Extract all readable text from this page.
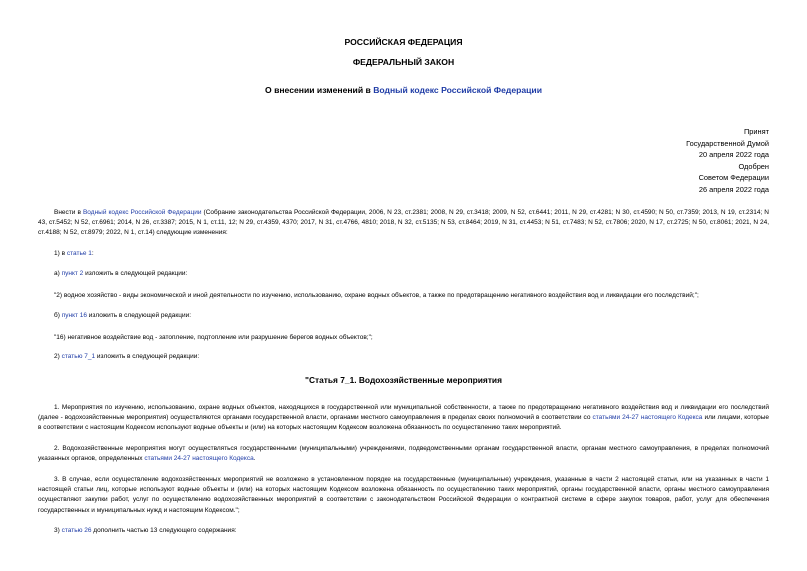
РОССИЙСКАЯ ФЕДЕРАЦИЯ
ФЕДЕРАЛЬНЫЙ ЗАКОН
О внесении изменений в Водный кодекс Российской Федерации
Принят
Государственной Думой
20 апреля 2022 года
Одобрен
Советом Федерации
26 апреля 2022 года
Внести в Водный кодекс Российской Федерации (Собрание законодательства Российской Федерации, 2006, N 23, ст.2381; 2008, N 29, ст.3418; 2009, N 52, ст.6441; 2011, N 29, ст.4281; N 30, ст.4590; N 50, ст.7359; 2013, N 19, ст.2314; N 43, ст.5452; N 52, ст.6961; 2014, N 26, ст.3387; 2015, N 1, ст.11, 12; N 29, ст.4359, 4370; 2017, N 31, ст.4766, 4810; 2018, N 32, ст.5135; N 53, ст.8464; 2019, N 31, ст.4453; N 51, ст.7483; N 52, ст.7806; 2020, N 17, ст.2725; N 50, ст.8061; 2021, N 24, ст.4188; N 52, ст.8979; 2022, N 1, ст.14) следующие изменения:
1) в статье 1:
а) пункт 2 изложить в следующей редакции:
"2) водное хозяйство - виды экономической и иной деятельности по изучению, использованию, охране водных объектов, а также по предотвращению негативного воздействия вод и ликвидации его последствий;";
б) пункт 16 изложить в следующей редакции:
"16) негативное воздействие вод - затопление, подтопление или разрушение берегов водных объектов;";
2) статью 7_1 изложить в следующей редакции:
"Статья 7_1. Водохозяйственные мероприятия
1. Мероприятия по изучению, использованию, охране водных объектов, находящихся в государственной или муниципальной собственности, а также по предотвращению негативного воздействия вод и ликвидации его последствий (далее - водохозяйственные мероприятия) осуществляются органами государственной власти, органами местного самоуправления в пределах своих полномочий в соответствии со статьями 24-27 настоящего Кодекса или лицами, которые в соответствии с настоящим Кодексом используют водные объекты и (или) на которых настоящим Кодексом возложена обязанность по осуществлению таких мероприятий.
2. Водохозяйственные мероприятия могут осуществляться государственными (муниципальными) учреждениями, подведомственными органам государственной власти, органам местного самоуправления, в пределах полномочий указанных органов, определенных статьями 24-27 настоящего Кодекса.
3. В случае, если осуществление водохозяйственных мероприятий не возложено в установленном порядке на государственные (муниципальные) учреждения, указанные в части 2 настоящей статьи, или на указанных в части 1 настоящей статьи лиц, которые используют водные объекты и (или) на которых настоящим Кодексом возложена обязанность по осуществлению таких мероприятий, органы государственной власти, органы местного самоуправления осуществляют закупки работ, услуг по осуществлению водохозяйственных мероприятий в соответствии с законодательством Российской Федерации о контрактной системе в сфере закупок товаров, работ, услуг для обеспечения государственных и муниципальных нужд и настоящим Кодексом.";
3) статью 26 дополнить частью 13 следующего содержания:
